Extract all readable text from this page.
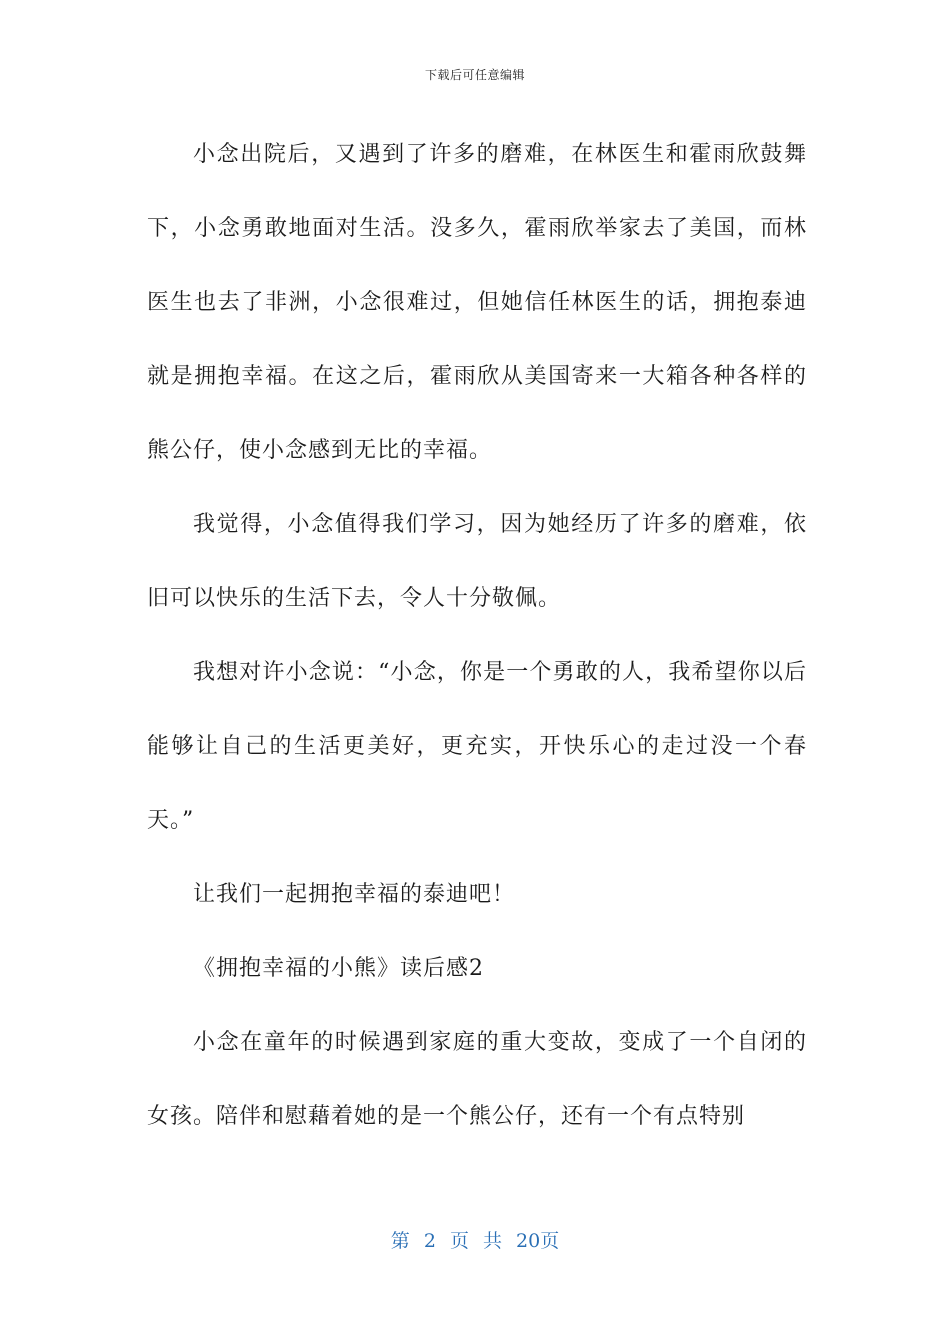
下载后可任意编辑

小念出院后，又遇到了许多的磨难，在林医生和霍雨欣鼓舞下，小念勇敢地面对生活。没多久，霍雨欣举家去了美国，而林医生也去了非洲，小念很难过，但她信任林医生的话，拥抱泰迪就是拥抱幸福。在这之后，霍雨欣从美国寄来一大箱各种各样的熊公仔，使小念感到无比的幸福。

我觉得，小念值得我们学习，因为她经历了许多的磨难，依旧可以快乐的生活下去，令人十分敬佩。

我想对许小念说：“小念，你是一个勇敢的人，我希望你以后能够让自己的生活更美好，更充实，开快乐心的走过没一个春天。”

让我们一起拥抱幸福的泰迪吧！

《拥抱幸福的小熊》读后感2

小念在童年的时候遇到家庭的重大变故，变成了一个自闭的女孩。陪伴和慰藉着她的是一个熊公仔，还有一个有点特别

第 2 页 共 20页
